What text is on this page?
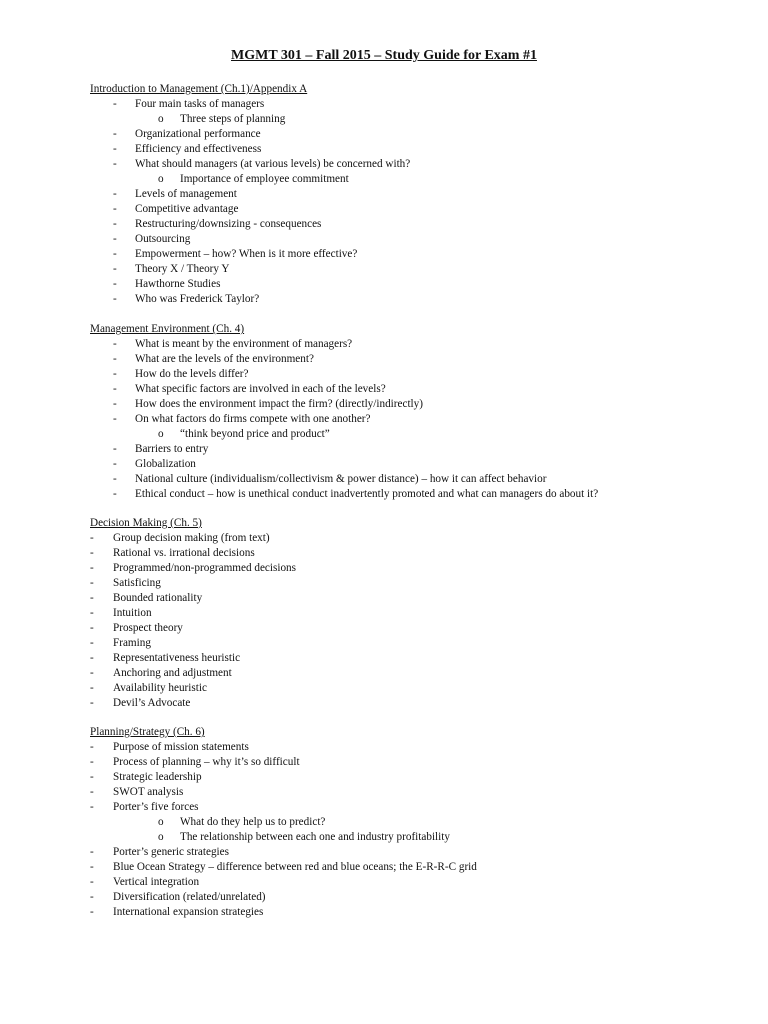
MGMT 301 – Fall 2015 – Study Guide for Exam #1
Introduction to Management (Ch.1)/Appendix A
- Four main tasks of managers
o Three steps of planning
- Organizational performance
- Efficiency and effectiveness
- What should managers (at various levels) be concerned with?
o Importance of employee commitment
- Levels of management
- Competitive advantage
- Restructuring/downsizing - consequences
- Outsourcing
- Empowerment – how? When is it more effective?
- Theory X / Theory Y
- Hawthorne Studies
- Who was Frederick Taylor?
Management Environment (Ch. 4)
- What is meant by the environment of managers?
- What are the levels of the environment?
- How do the levels differ?
- What specific factors are involved in each of the levels?
- How does the environment impact the firm? (directly/indirectly)
- On what factors do firms compete with one another?
o “think beyond price and product”
- Barriers to entry
- Globalization
- National culture (individualism/collectivism & power distance) – how it can affect behavior
- Ethical conduct – how is unethical conduct inadvertently promoted and what can managers do about it?
Decision Making (Ch. 5)
- Group decision making (from text)
- Rational vs. irrational decisions
- Programmed/non-programmed decisions
- Satisficing
- Bounded rationality
- Intuition
- Prospect theory
- Framing
- Representativeness heuristic
- Anchoring and adjustment
- Availability heuristic
- Devil’s Advocate
Planning/Strategy (Ch. 6)
- Purpose of mission statements
- Process of planning – why it’s so difficult
- Strategic leadership
- SWOT analysis
- Porter’s five forces
o What do they help us to predict?
o The relationship between each one and industry profitability
- Porter’s generic strategies
- Blue Ocean Strategy – difference between red and blue oceans; the E-R-R-C grid
- Vertical integration
- Diversification (related/unrelated)
- International expansion strategies
